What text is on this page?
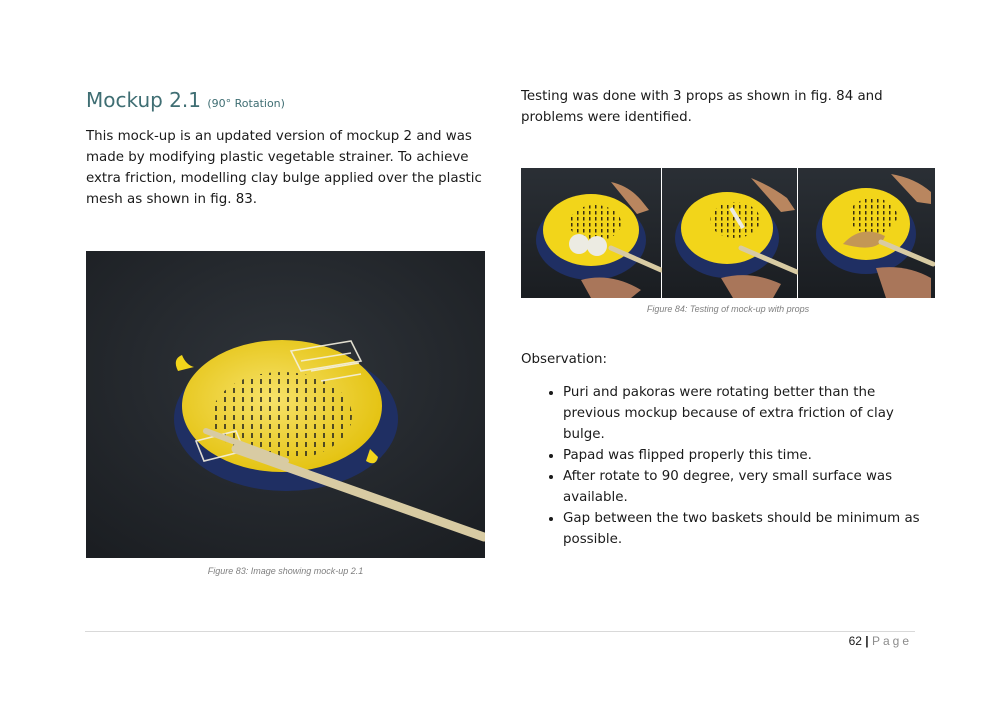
Mockup 2.1 (90° Rotation)
This mock-up is an updated version of mockup 2 and was
made by modifying plastic vegetable strainer. To achieve
extra friction, modelling clay bulge applied over the plastic
mesh as shown in fig. 83.
Figure 83: Image showing mock-up 2.1
Testing was done with 3 props as shown in fig. 84 and
problems were identified.
Figure 84: Testing of mock-up with props
Observation:
• Puri and pakoras were rotating better than the
previous mockup because of extra friction of clay
bulge.
• Papad was flipped properly this time.
• After rotate to 90 degree, very small surface was
available.
• Gap between the two baskets should be minimum as
possible.
62 | Page
